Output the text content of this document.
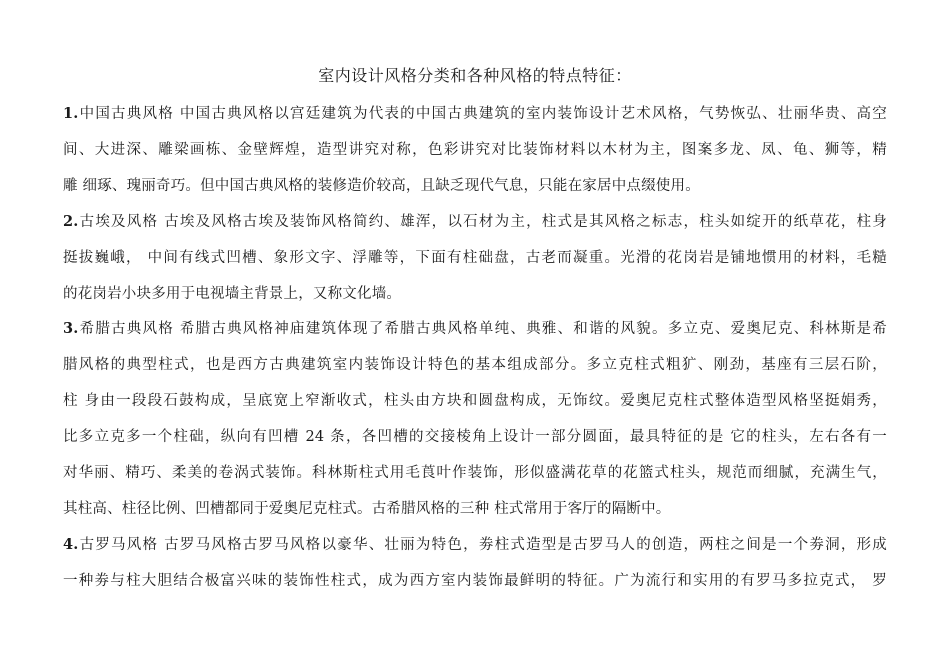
室内设计风格分类和各种风格的特点特征：
1.中国古典风格 中国古典风格以宫廷建筑为代表的中国古典建筑的室内装饰设计艺术风格，气势恢弘、壮丽华贵、高空
间、大进深、雕梁画栋、金壁辉煌，造型讲究对称，色彩讲究对比装饰材料以木材为主，图案多龙、凤、龟、狮等，精
雕 细琢、瑰丽奇巧。但中国古典风格的装修造价较高，且缺乏现代气息，只能在家居中点缀使用。
2.古埃及风格 古埃及风格古埃及装饰风格简约、雄浑，以石材为主，柱式是其风格之标志，柱头如绽开的纸草花，柱身
挺拔巍峨， 中间有线式凹槽、象形文字、浮雕等，下面有柱础盘，古老而凝重。光滑的花岗岩是铺地惯用的材料，毛糙
的花岗岩小块多用于电视墙主背景上，又称文化墙。
3.希腊古典风格 希腊古典风格神庙建筑体现了希腊古典风格单纯、典雅、和谐的风貌。多立克、爱奥尼克、科林斯是希
腊风格的典型柱式，也是西方古典建筑室内装饰设计特色的基本组成部分。多立克柱式粗犷、刚劲，基座有三层石阶，
柱 身由一段段石鼓构成，呈底宽上窄渐收式，柱头由方块和圆盘构成，无饰纹。爱奥尼克柱式整体造型风格坚挺娟秀，
比多立克多一个柱础，纵向有凹槽 24 条，各凹槽的交接棱角上设计一部分圆面，最具特征的是 它的柱头，左右各有一
对华丽、精巧、柔美的卷涡式装饰。科林斯柱式用毛莨叶作装饰，形似盛满花草的花篮式柱头，规范而细腻，充满生气，
其柱高、柱径比例、凹槽都同于爱奥尼克柱式。古希腊风格的三种 柱式常用于客厅的隔断中。
4.古罗马风格 古罗马风格古罗马风格以豪华、壮丽为特色，劵柱式造型是古罗马人的创造，两柱之间是一个劵洞，形成
一种劵与柱大胆结合极富兴味的装饰性柱式，成为西方室内装饰最鲜明的特征。广为流行和实用的有罗马多拉克式， 罗
